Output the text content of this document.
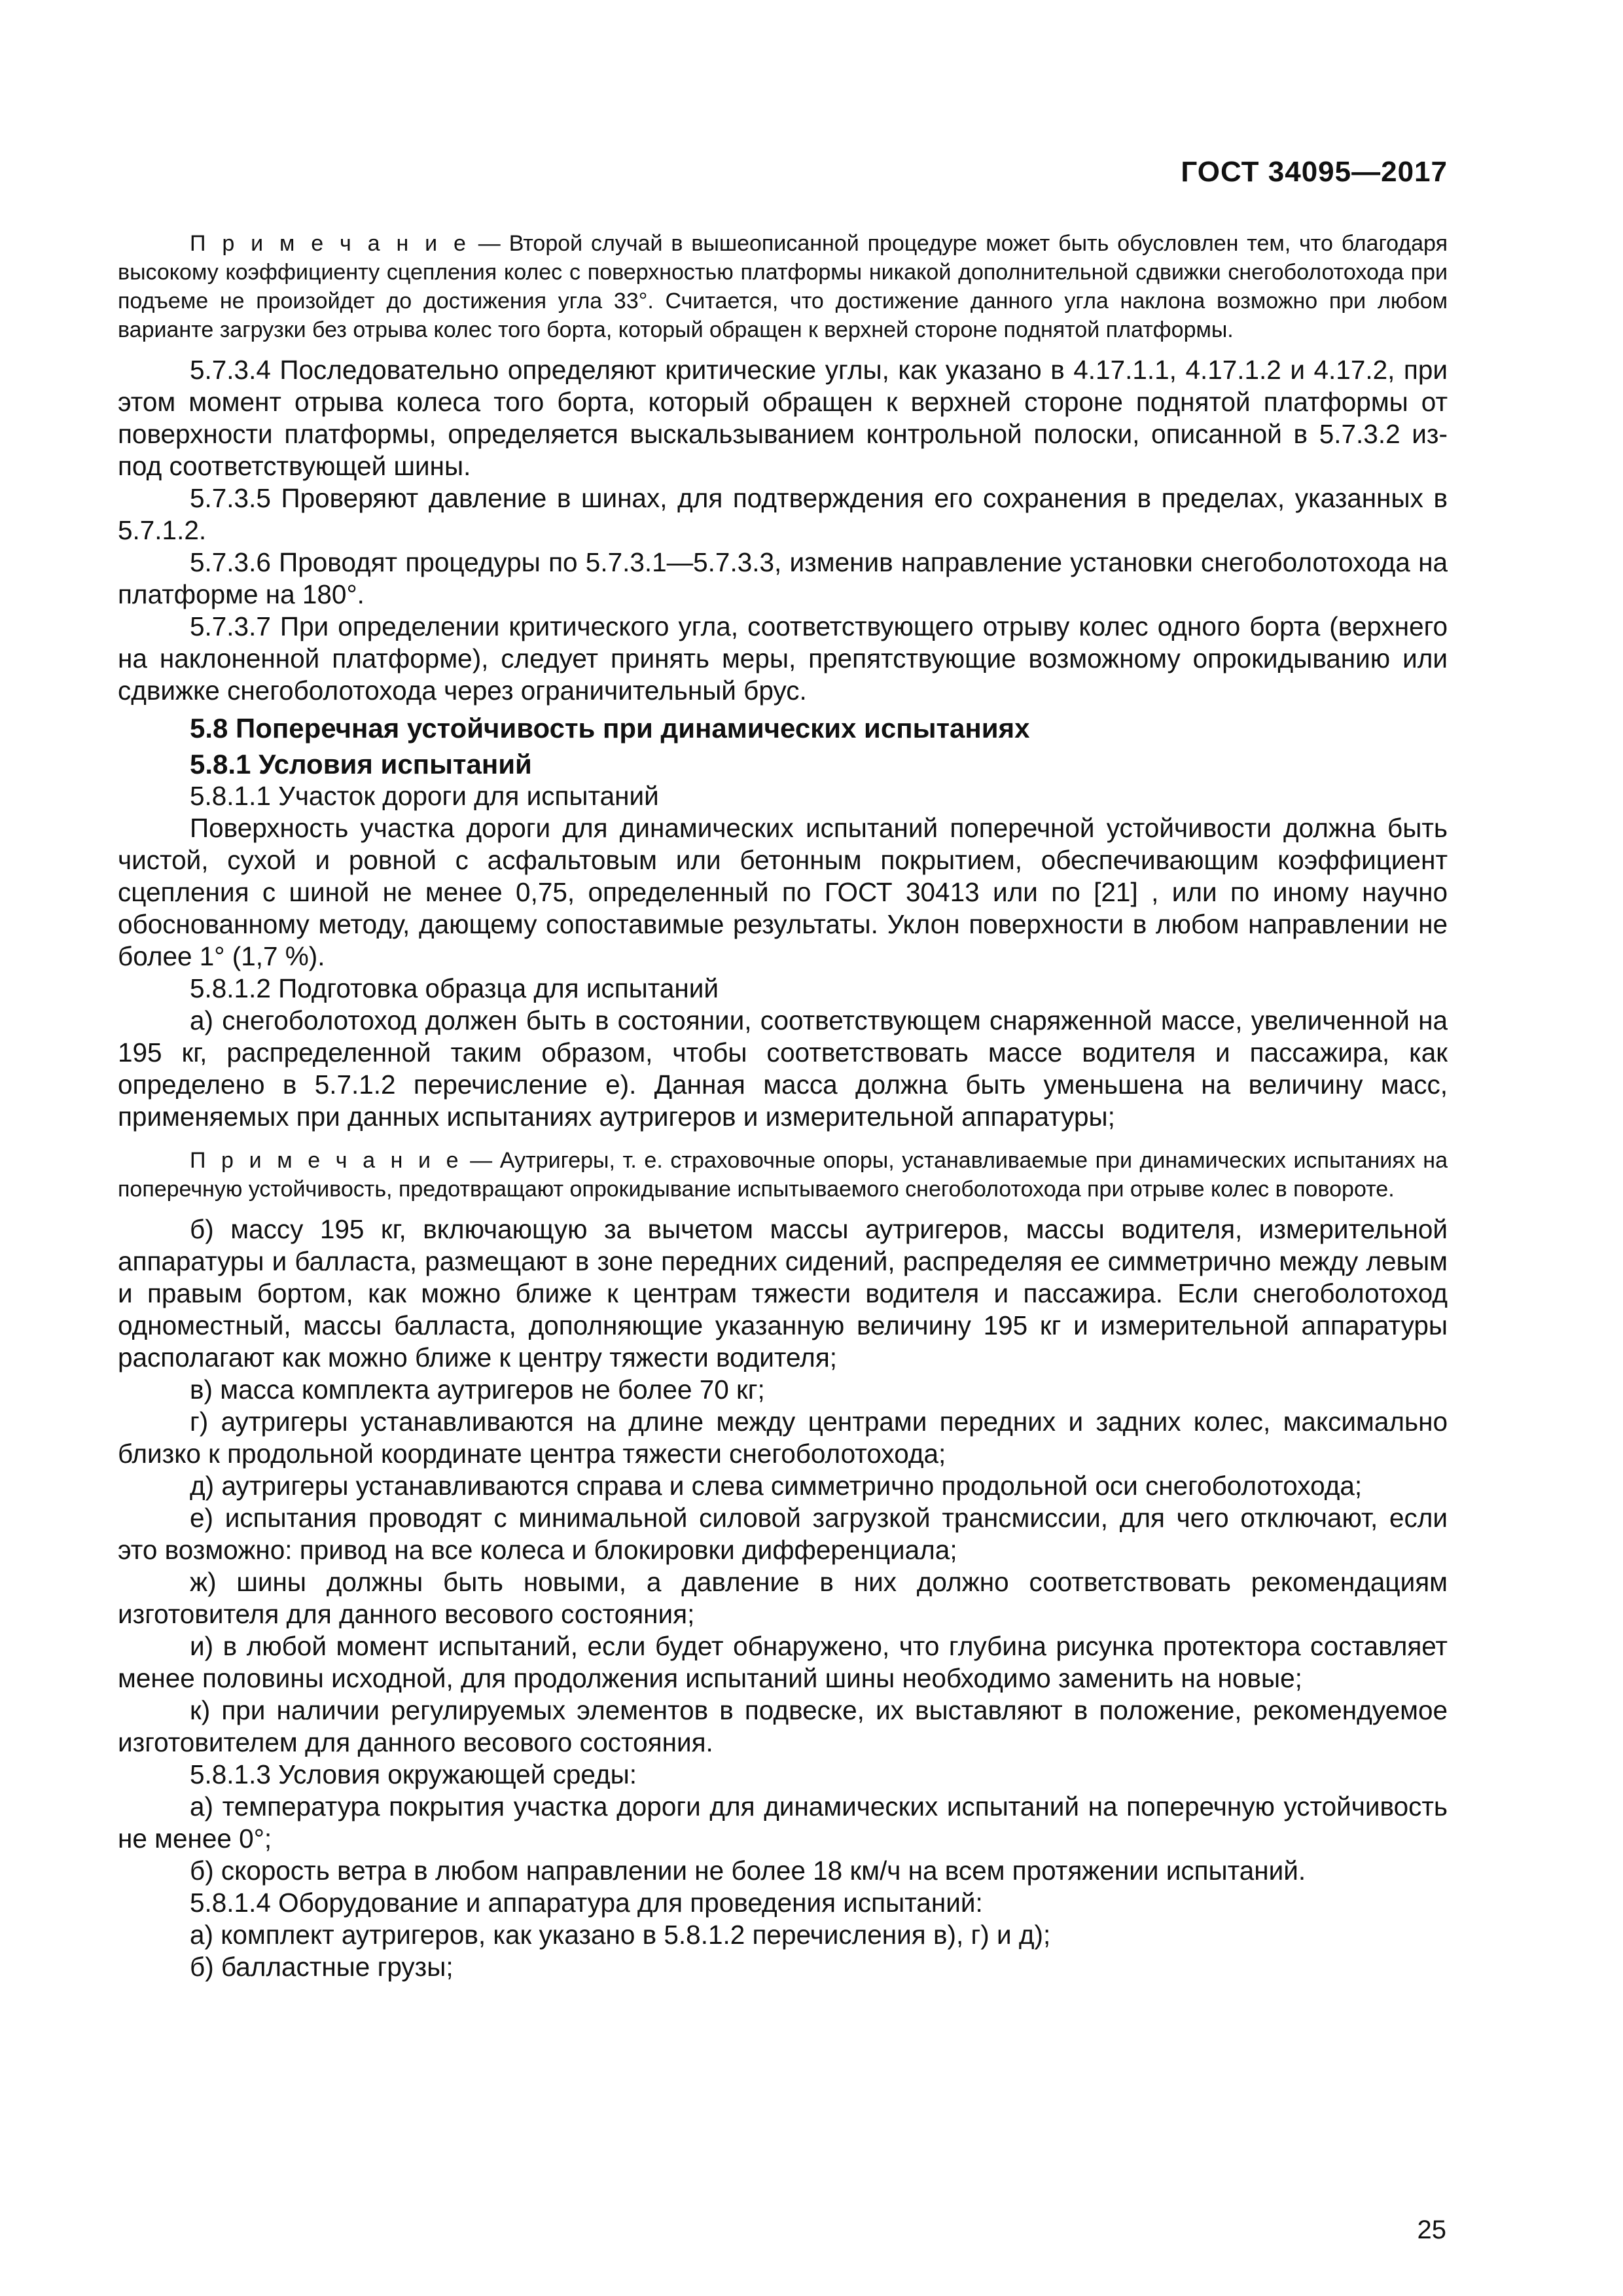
ГОСТ 34095—2017

П р и м е ч а н и е — Второй случай в вышеописанной процедуре может быть обусловлен тем, что благодаря высокому коэффициенту сцепления колес с поверхностью платформы никакой дополнительной сдвижки снегоболотохода при подъеме не произойдет до достижения угла 33°. Считается, что достижение данного угла наклона возможно при любом варианте загрузки без отрыва колес того борта, который обращен к верхней стороне поднятой платформы.

5.7.3.4 Последовательно определяют критические углы, как указано в 4.17.1.1, 4.17.1.2 и 4.17.2, при этом момент отрыва колеса того борта, который обращен к верхней стороне поднятой платформы от поверхности платформы, определяется выскальзыванием контрольной полоски, описанной в 5.7.3.2 из-под соответствующей шины.

5.7.3.5 Проверяют давление в шинах, для подтверждения его сохранения в пределах, указанных в 5.7.1.2.

5.7.3.6 Проводят процедуры по 5.7.3.1—5.7.3.3, изменив направление установки снегоболотохода на платформе на 180°.

5.7.3.7 При определении критического угла, соответствующего отрыву колес одного борта (верхнего на наклоненной платформе), следует принять меры, препятствующие возможному опрокидыванию или сдвижке снегоболотохода через ограничительный брус.

5.8 Поперечная устойчивость при динамических испытаниях

5.8.1 Условия испытаний

5.8.1.1 Участок дороги для испытаний

Поверхность участка дороги для динамических испытаний поперечной устойчивости должна быть чистой, сухой и ровной с асфальтовым или бетонным покрытием, обеспечивающим коэффициент сцепления с шиной не менее 0,75, определенный по ГОСТ 30413 или по [21] , или по иному научно обоснованному методу, дающему сопоставимые результаты. Уклон поверхности в любом направлении не более 1° (1,7 %).

5.8.1.2 Подготовка образца для испытаний

а) снегоболотоход должен быть в состоянии, соответствующем снаряженной массе, увеличенной на 195 кг, распределенной таким образом, чтобы соответствовать массе водителя и пассажира, как определено в 5.7.1.2 перечисление е). Данная масса должна быть уменьшена на величину масс, применяемых при данных испытаниях аутригеров и измерительной аппаратуры;

П р и м е ч а н и е — Аутригеры, т. е. страховочные опоры, устанавливаемые при динамических испытаниях на поперечную устойчивость, предотвращают опрокидывание испытываемого снегоболотохода при отрыве колес в повороте.

б) массу 195 кг, включающую за вычетом массы аутригеров, массы водителя, измерительной аппаратуры и балласта, размещают в зоне передних сидений, распределяя ее симметрично между левым и правым бортом, как можно ближе к центрам тяжести водителя и пассажира. Если снегоболотоход одноместный, массы балласта, дополняющие указанную величину 195 кг и измерительной аппаратуры располагают как можно ближе к центру тяжести водителя;

в) масса комплекта аутригеров не более 70 кг;

г) аутригеры устанавливаются на длине между центрами передних и задних колес, максимально близко к продольной координате центра тяжести снегоболотохода;

д) аутригеры устанавливаются справа и слева симметрично продольной оси снегоболотохода;

е) испытания проводят с минимальной силовой загрузкой трансмиссии, для чего отключают, если это возможно: привод на все колеса и блокировки дифференциала;

ж) шины должны быть новыми, а давление в них должно соответствовать рекомендациям изготовителя для данного весового состояния;

и) в любой момент испытаний, если будет обнаружено, что глубина рисунка протектора составляет менее половины исходной, для продолжения испытаний шины необходимо заменить на новые;

к) при наличии регулируемых элементов в подвеске, их выставляют в положение, рекомендуемое изготовителем для данного весового состояния.

5.8.1.3 Условия окружающей среды:

а) температура покрытия участка дороги для динамических испытаний на поперечную устойчивость не менее 0°;

б) скорость ветра в любом направлении не более 18 км/ч на всем протяжении испытаний.

5.8.1.4 Оборудование и аппаратура для проведения испытаний:

а) комплект аутригеров, как указано в 5.8.1.2 перечисления в), г) и д);

б) балластные грузы;

25
